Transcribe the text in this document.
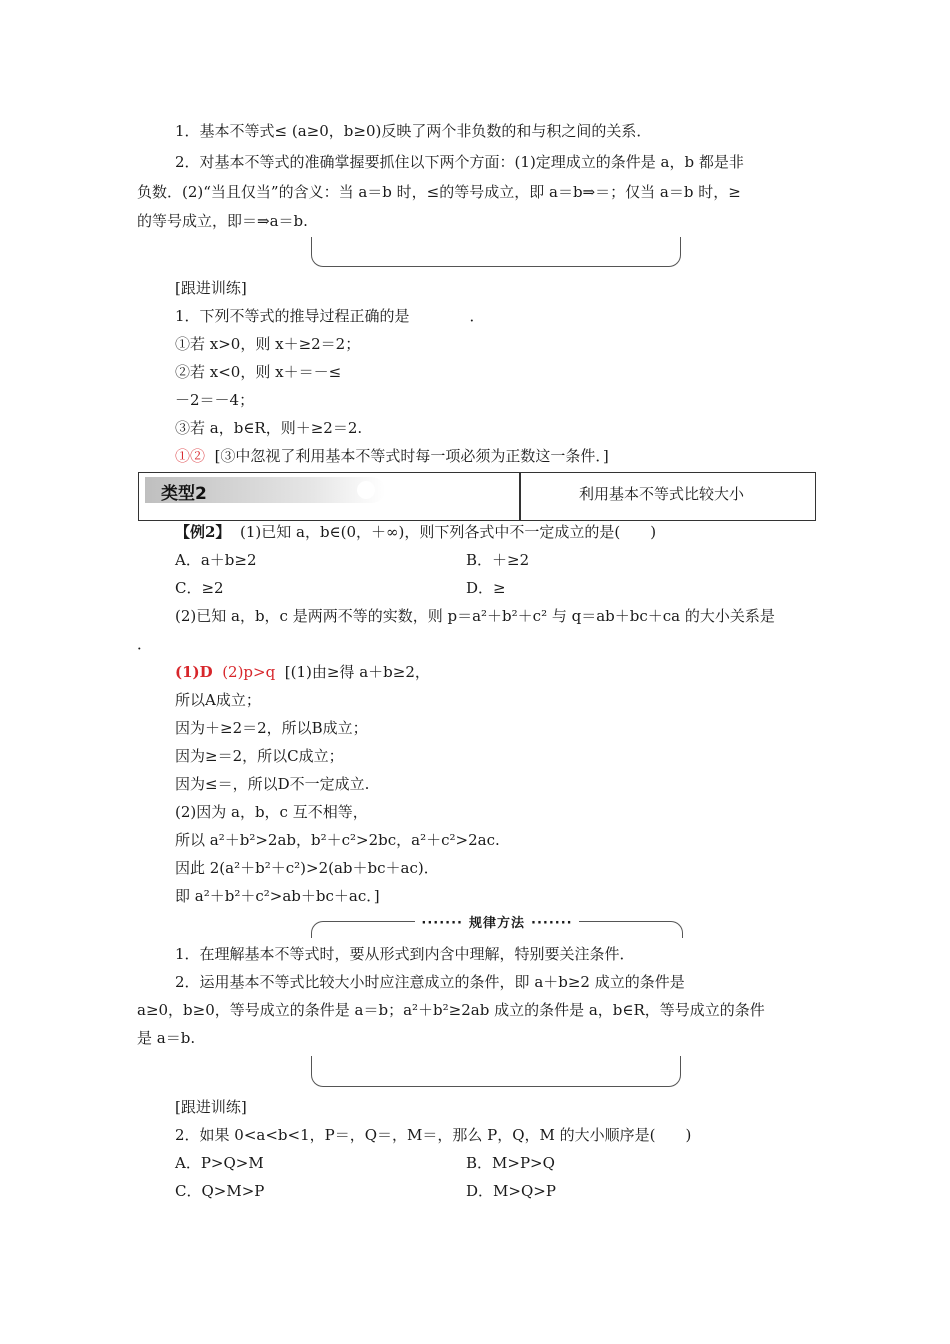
1．基本不等式≤ (a≥0，b≥0)反映了两个非负数的和与积之间的关系．
2．对基本不等式的准确掌握要抓住以下两个方面：(1)定理成立的条件是 a，b 都是非
负数．(2)“当且仅当”的含义：当 a＝b 时，≤的等号成立，即 a＝b⇒＝；仅当 a＝b 时，≥
的等号成立，即＝⇒a＝b.
[跟进训练]
1．下列不等式的推导过程正确的是　　　　．
①若 x>0，则 x＋≥2＝2；
②若 x<0，则 x＋＝－≤
－2＝－4；
③若 a，b∈R，则＋≥2＝2.
①② [③中忽视了利用基本不等式时每一项必须为正数这一条件．]
类型2	利用基本不等式比较大小
【例2】 (1)已知 a，b∈(0，＋∞)，则下列各式中不一定成立的是(　　)
A．a＋b≥2	B．＋≥2
C．≥2	D．≥
(2)已知 a，b，c 是两两不等的实数，则 p＝a²＋b²＋c² 与 q＝ab＋bc＋ca 的大小关系是
．
(1)D (2)p>q [(1)由≥得 a＋b≥2，
所以A成立；
因为＋≥2＝2，所以B成立；
因为≥＝2，所以C成立；
因为≤＝，所以D不一定成立.
(2)因为 a，b，c 互不相等，
所以 a²＋b²>2ab，b²＋c²>2bc，a²＋c²>2ac.
因此 2(a²＋b²＋c²)>2(ab＋bc＋ac)．
即 a²＋b²＋c²>ab＋bc＋ac．]
······· 规律方法 ·······
1．在理解基本不等式时，要从形式到内含中理解，特别要关注条件．
2．运用基本不等式比较大小时应注意成立的条件，即 a＋b≥2 成立的条件是
a≥0，b≥0，等号成立的条件是 a＝b；a²＋b²≥2ab 成立的条件是 a，b∈R，等号成立的条件
是 a＝b.
[跟进训练]
2．如果 0<a<b<1，P＝，Q＝，M＝，那么 P，Q，M 的大小顺序是(　　)
A．P>Q>M	B．M>P>Q
C．Q>M>P	D．M>Q>P
